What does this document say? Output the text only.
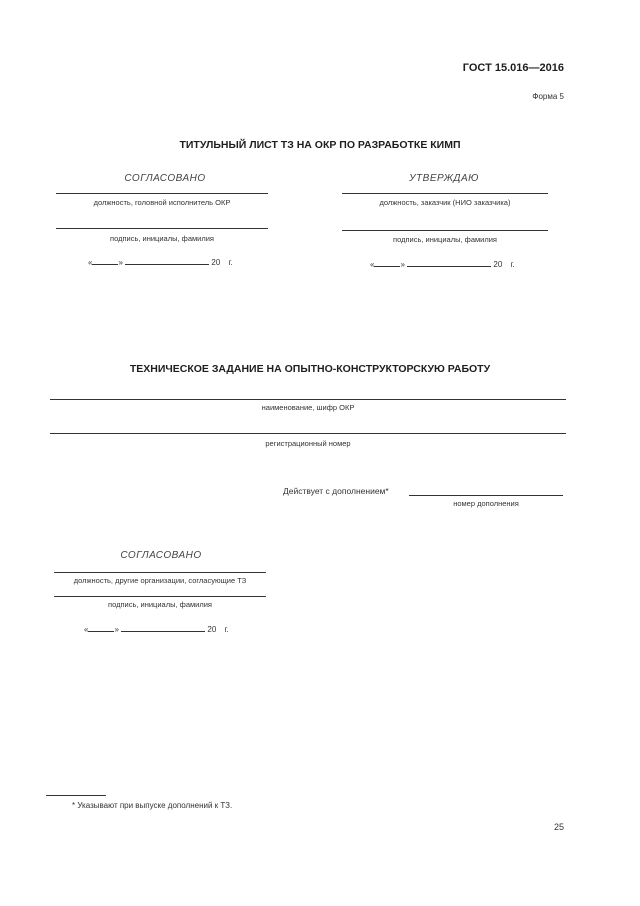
ГОСТ 15.016—2016
Форма 5
ТИТУЛЬНЫЙ ЛИСТ ТЗ НА ОКР ПО РАЗРАБОТКЕ КИМП
СОГЛАСОВАНО
должность, головной исполнитель ОКР
подпись, инициалы, фамилия
«	»	20 г.
УТВЕРЖДАЮ
должность, заказчик (НИО заказчика)
подпись, инициалы, фамилия
«	»	20 г.
ТЕХНИЧЕСКОЕ ЗАДАНИЕ НА ОПЫТНО-КОНСТРУКТОРСКУЮ РАБОТУ
наименование, шифр ОКР
регистрационный номер
Действует с дополнением*
номер дополнения
СОГЛАСОВАНО
должность, другие организации, согласующие ТЗ
подпись, инициалы, фамилия
«	»	20 г.
* Указывают при выпуске дополнений к ТЗ.
25
